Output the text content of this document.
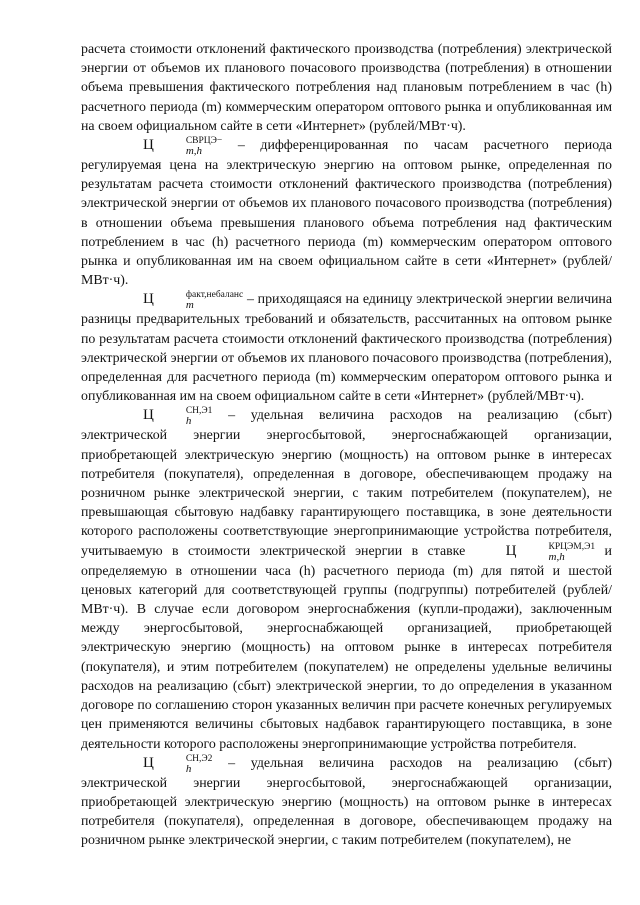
расчета стоимости отклонений фактического производства (потребления) электрической энергии от объемов их планового почасового производства (потребления) в отношении объема превышения фактического потребления над плановым потреблением в час (h) расчетного периода (m) коммерческим оператором оптового рынка и опубликованная им на своем официальном сайте в сети «Интернет» (рублей/МВт·ч).

Ц	СВРЦЭ−
m,h	– дифференцированная по часам расчетного периода регулируемая цена на электрическую энергию на оптовом рынке, определенная по результатам расчета стоимости отклонений фактического производства (потребления) электрической энергии от объемов их планового почасового производства (потребления) в отношении объема превышения планового объема потребления над фактическим потреблением в час (h) расчетного периода (m) коммерческим оператором оптового рынка и опубликованная им на своем официальном сайте в сети «Интернет» (рублей/МВт·ч).

Ц	факт,небаланс
m	– приходящаяся на единицу электрической энергии величина разницы предварительных требований и обязательств, рассчитанных на оптовом рынке по результатам расчета стоимости отклонений фактического производства (потребления) электрической энергии от объемов их планового почасового производства (потребления), определенная для расчетного периода (m) коммерческим оператором оптового рынка и опубликованная им на своем официальном сайте в сети «Интернет» (рублей/МВт·ч).

Ц	СН,Э1
h	– удельная величина расходов на реализацию (сбыт) электрической энергии энергосбытовой, энергоснабжающей организации, приобретающей электрическую энергию (мощность) на оптовом рынке в интересах потребителя (покупателя), определенная в договоре, обеспечивающем продажу на розничном рынке электрической энергии, с таким потребителем (покупателем), не превышающая сбытовую надбавку гарантирующего поставщика, в зоне деятельности которого расположены соответствующие энергопринимающие устройства потребителя, учитываемую в стоимости электрической энергии в ставке Ц	КРЦЭМ,Э1
m,h	и определяемую в отношении часа (h) расчетного периода (m) для пятой и шестой ценовых категорий для соответствующей группы (подгруппы) потребителей (рублей/МВт·ч). В случае если договором энергоснабжения (купли-продажи), заключенным между энергосбытовой, энергоснабжающей организацией, приобретающей электрическую энергию (мощность) на оптовом рынке в интересах потребителя (покупателя), и этим потребителем (покупателем) не определены удельные величины расходов на реализацию (сбыт) электрической энергии, то до определения в указанном договоре по соглашению сторон указанных величин при расчете конечных регулируемых цен применяются величины сбытовых надбавок гарантирующего поставщика, в зоне деятельности которого расположены энергопринимающие устройства потребителя.

Ц	СН,Э2
h	– удельная величина расходов на реализацию (сбыт) электрической энергии энергосбытовой, энергоснабжающей организации, приобретающей электрическую энергию (мощность) на оптовом рынке в интересах потребителя (покупателя), определенная в договоре, обеспечивающем продажу на розничном рынке электрической энергии, с таким потребителем (покупателем), не
